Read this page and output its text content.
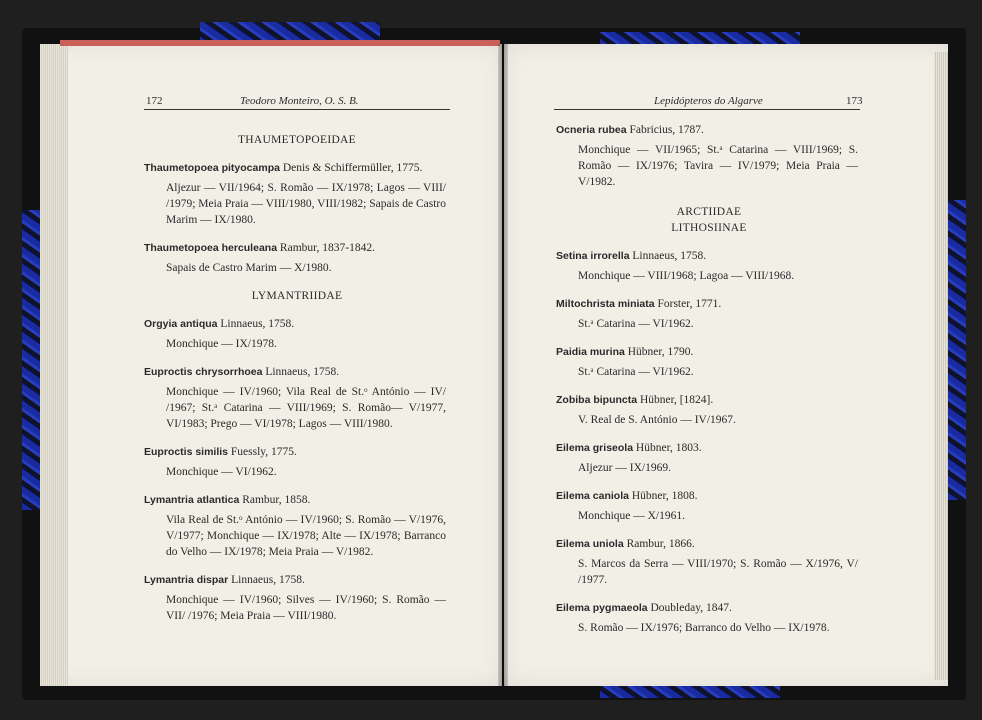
172	Teodoro Monteiro, O. S. B.	Lepidópteros do Algarve	173
THAUMETOPOEIDAE
Thaumetopoea pityocampa Denis & Schiffermüller, 1775.
Aljezur — VII/1964; S. Romão — IX/1978; Lagos — VIII/ /1979; Meia Praia — VIII/1980, VIII/1982; Sapais de Castro Marim — IX/1980.
Thaumetopoea herculeana Rambur, 1837-1842.
Sapais de Castro Marim — X/1980.
LYMANTRIIDAE
Orgyia antiqua Linnaeus, 1758.
Monchique — IX/1978.
Euproctis chrysorrhoea Linnaeus, 1758.
Monchique — IV/1960; Vila Real de St.ᵒ António — IV/ /1967; St.ᵃ Catarina — VIII/1969; S. Romão— V/1977, VI/1983; Prego — VI/1978; Lagos — VIII/1980.
Euproctis similis Fuessly, 1775.
Monchique — VI/1962.
Lymantria atlantica Rambur, 1858.
Vila Real de St.ᵒ António — IV/1960; S. Romão — V/1976, V/1977; Monchique — IX/1978; Alte — IX/1978; Barranco do Velho — IX/1978; Meia Praia — V/1982.
Lymantria dispar Linnaeus, 1758.
Monchique — IV/1960; Silves — IV/1960; S. Romão — VII/ /1976; Meia Praia — VIII/1980.
Ocneria rubea Fabricius, 1787.
Monchique — VII/1965; St.ᵃ Catarina — VIII/1969; S. Romão — IX/1976; Tavira — IV/1979; Meia Praia — V/1982.
ARCTIIDAE
LITHOSIINAE
Setina irrorella Linnaeus, 1758.
Monchique — VIII/1968; Lagoa — VIII/1968.
Miltochrista miniata Forster, 1771.
St.ᵃ Catarina — VI/1962.
Paidia murina Hübner, 1790.
St.ᵃ Catarina — VI/1962.
Zobiba bipuncta Hübner, [1824].
V. Real de S. António — IV/1967.
Eilema griseola Hübner, 1803.
Aljezur — IX/1969.
Eilema caniola Hübner, 1808.
Monchique — X/1961.
Eilema uniola Rambur, 1866.
S. Marcos da Serra — VIII/1970; S. Romão — X/1976, V/ /1977.
Eilema pygmaeola Doubleday, 1847.
S. Romão — IX/1976; Barranco do Velho — IX/1978.
